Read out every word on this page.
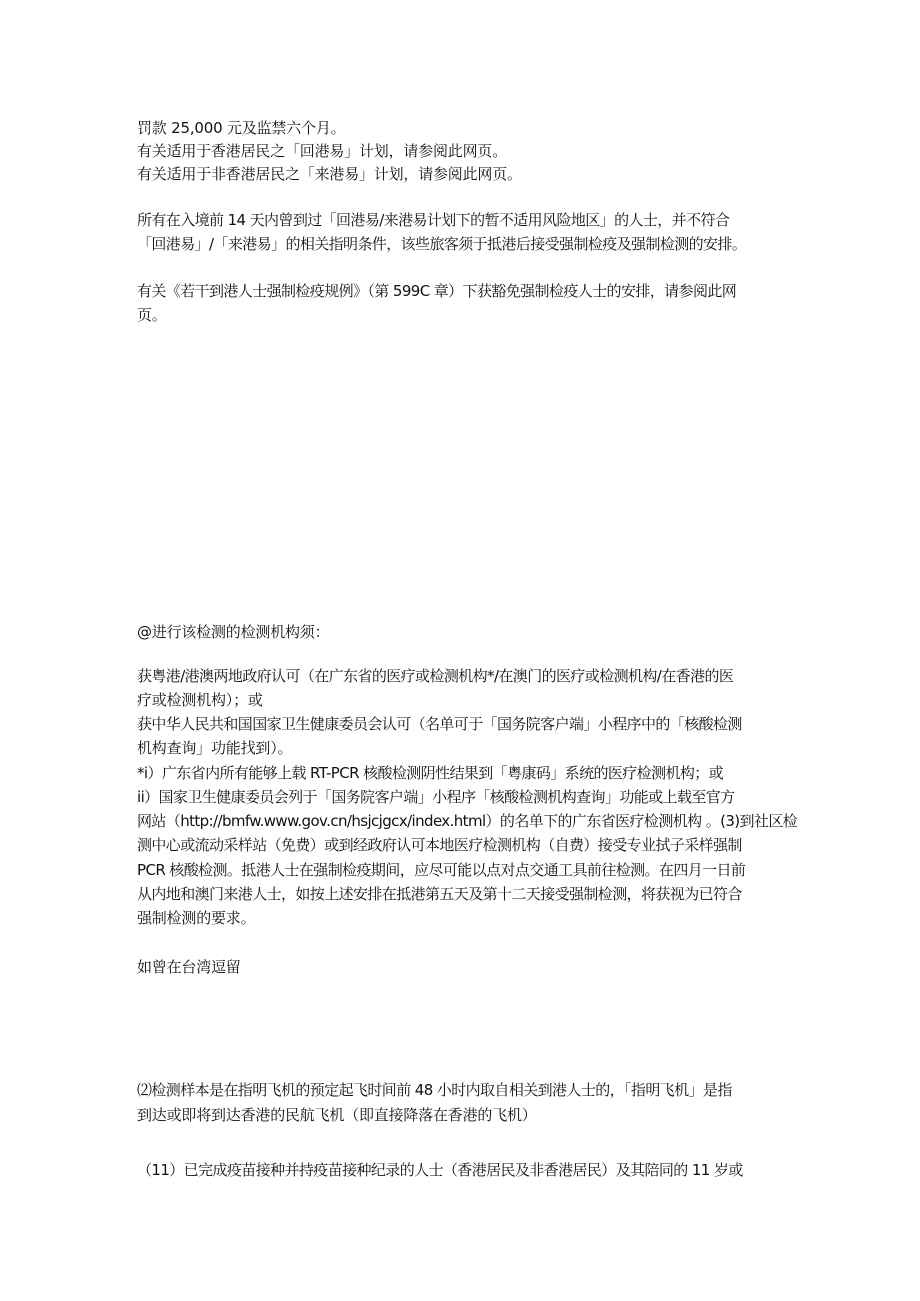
罚款 25,000 元及监禁六个月。
有关适用于香港居民之「回港易」计划，请参阅此网页。
有关适用于非香港居民之「来港易」计划，请参阅此网页。
所有在入境前 14 天内曾到过「回港易/来港易计划下的暂不适用风险地区」的人士，并不符合
「回港易」/「来港易」的相关指明条件，该些旅客须于抵港后接受强制检疫及强制检测的安排。
有关《若干到港人士强制检疫规例》（第 599C 章）下获豁免强制检疫人士的安排，请参阅此网
页。
@进行该检测的检测机构须：
获粤港/港澳两地政府认可（在广东省的医疗或检测机构*/在澳门的医疗或检测机构/在香港的医
疗或检测机构）；或
获中华人民共和国国家卫生健康委员会认可（名单可于「国务院客户端」小程序中的「核酸检测
机构查询」功能找到）。
*i）广东省内所有能够上载 RT-PCR 核酸检测阴性结果到「粤康码」系统的医疗检测机构；或
ii）国家卫生健康委员会列于「国务院客户端」小程序「核酸检测机构查询」功能或上载至官方
网站（http://bmfw.www.gov.cn/hsjcjgcx/index.html）的名单下的广东省医疗检测机构 。(3)到社区检
测中心或流动采样站（免费）或到经政府认可本地医疗检测机构（自费）接受专业拭子采样强制
PCR 核酸检测。抵港人士在强制检疫期间，应尽可能以点对点交通工具前往检测。在四月一日前
从内地和澳门来港人士，如按上述安排在抵港第五天及第十二天接受强制检测，将获视为已符合
强制检测的要求。
如曾在台湾逗留
⑵检测样本是在指明飞机的预定起飞时间前 48 小时内取自相关到港人士的，「指明飞机」是指
到达或即将到达香港的民航飞机（即直接降落在香港的飞机）
（11）已完成疫苗接种并持疫苗接种纪录的人士（香港居民及非香港居民）及其陪同的 11 岁或
